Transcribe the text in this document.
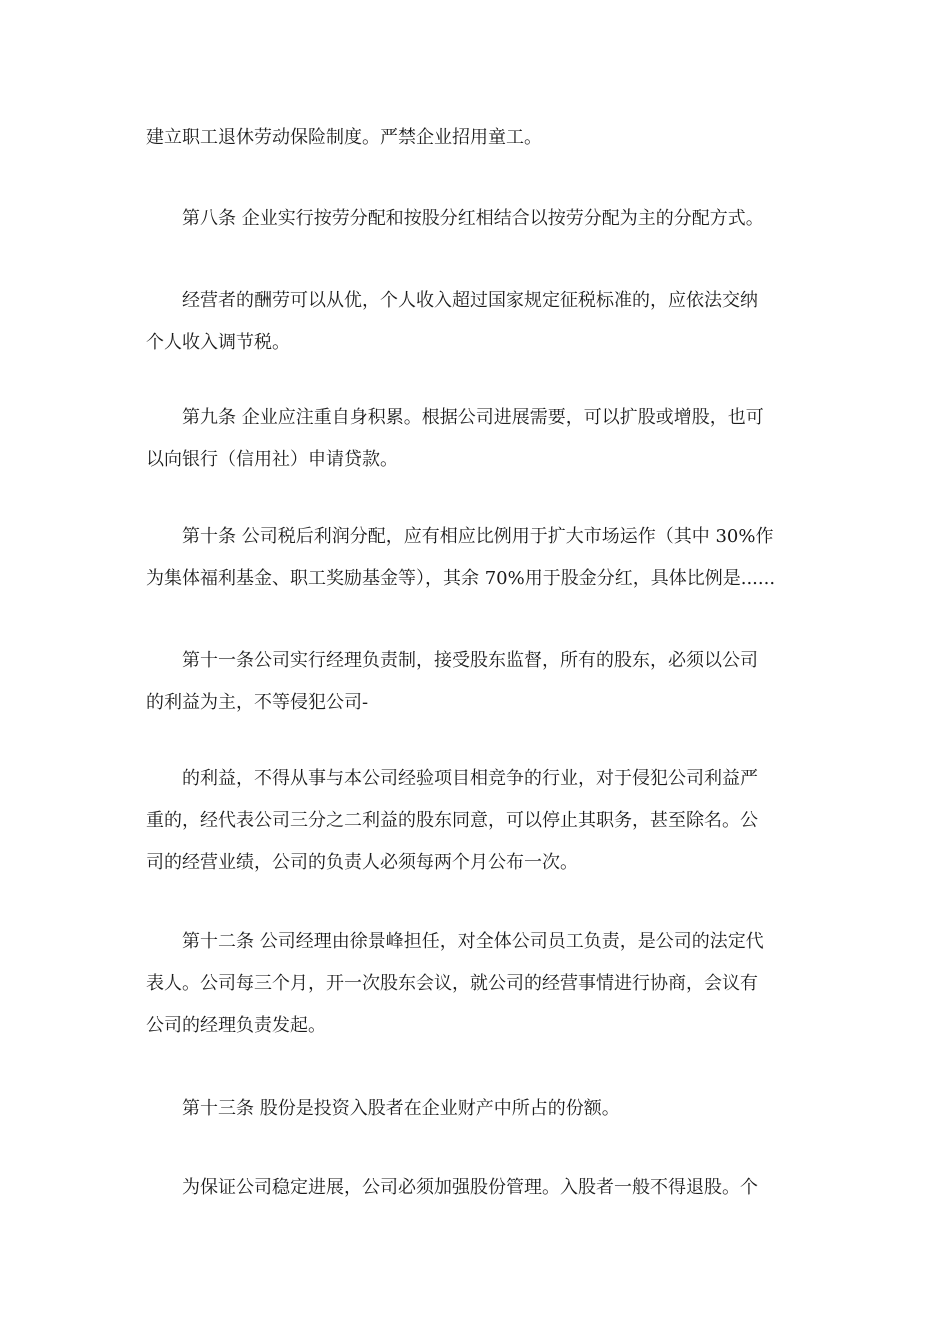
建立职工退休劳动保险制度。严禁企业招用童工。
第八条 企业实行按劳分配和按股分红相结合以按劳分配为主的分配方式。
经营者的酬劳可以从优，个人收入超过国家规定征税标准的，应依法交纳
个人收入调节税。
第九条 企业应注重自身积累。根据公司进展需要，可以扩股或增股，也可
以向银行（信用社）申请贷款。
第十条 公司税后利润分配，应有相应比例用于扩大市场运作（其中 30%作
为集体福利基金、职工奖励基金等），其余 70%用于股金分红，具体比例是......
第十一条公司实行经理负责制，接受股东监督，所有的股东，必须以公司
的利益为主，不等侵犯公司-
的利益，不得从事与本公司经验项目相竞争的行业，对于侵犯公司利益严
重的，经代表公司三分之二利益的股东同意，可以停止其职务，甚至除名。公
司的经营业绩，公司的负责人必须每两个月公布一次。
第十二条 公司经理由徐景峰担任，对全体公司员工负责，是公司的法定代
表人。公司每三个月，开一次股东会议，就公司的经营事情进行协商，会议有
公司的经理负责发起。
第十三条 股份是投资入股者在企业财产中所占的份额。
为保证公司稳定进展，公司必须加强股份管理。入股者一般不得退股。个
